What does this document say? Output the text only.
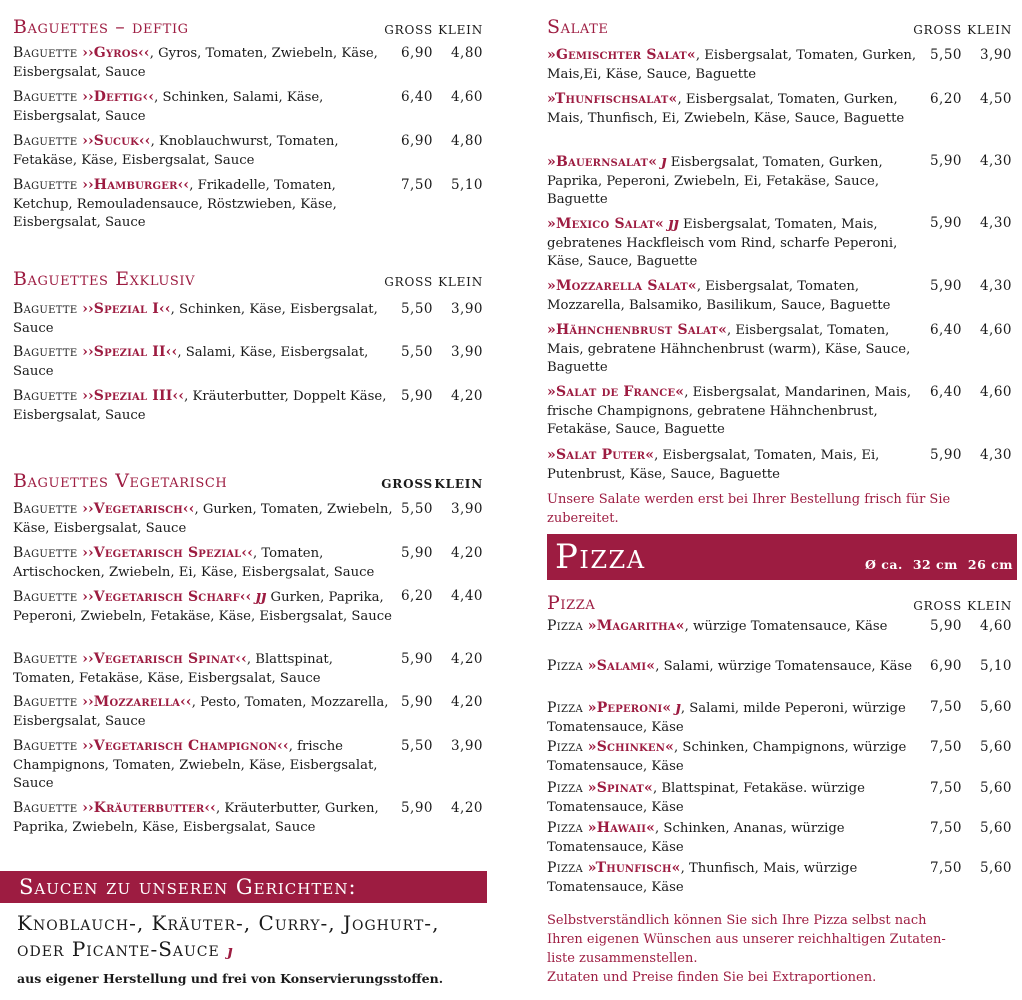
Baguettes – deftig	GROSS KLEIN
Baguette ››Gyros‹‹, Gyros, Tomaten, Zwiebeln, Käse, Eisbergsalat, Sauce
6,90	4,80
Baguette ››Deftig‹‹, Schinken, Salami, Käse, Eisbergsalat, Sauce
6,40	4,60
Baguette ››Sucuk‹‹, Knoblauchwurst, Tomaten, Fetakäse, Käse, Eisbergsalat, Sauce
6,90	4,80
Baguette ››Hamburger‹‹, Frikadelle, Tomaten, Ketchup, Remouladensauce, Röstzwieben, Käse, Eisbergsalat, Sauce
7,50	5,10
Baguettes Exklusiv	GROSS KLEIN
Baguette ››Spezial I‹‹, Schinken, Käse, Eisbergsalat, Sauce
5,50	3,90
Baguette ››Spezial II‹‹, Salami, Käse, Eisbergsalat, Sauce
5,50	3,90
Baguette ››Spezial III‹‹, Kräuterbutter, Doppelt Käse, Eisbergsalat, Sauce
5,90	4,20
Baguettes Vegetarisch	GROSSKLEIN
Baguette ››Vegetarisch‹‹, Gurken, Tomaten, Zwiebeln, Käse, Eisbergsalat, Sauce
5,50	3,90
Baguette ››Vegetarisch Spezial‹‹, Tomaten, Artischocken, Zwiebeln, Ei, Käse, Eisbergsalat, Sauce
5,90	4,20
Baguette ››Vegetarisch Scharf‹‹ ȷȷ Gurken, Paprika, Peperoni, Zwiebeln, Fetakäse, Käse, Eisbergsalat, Sauce
6,20	4,40
Baguette ››Vegetarisch Spinat‹‹, Blattspinat, Tomaten, Fetakäse, Käse, Eisbergsalat, Sauce
5,90	4,20
Baguette ››Mozzarella‹‹, Pesto, Tomaten, Mozzarella, Eisbergsalat, Sauce
5,90	4,20
Baguette ››Vegetarisch Champignon‹‹, frische Champignons, Tomaten, Zwiebeln, Käse, Eisbergsalat, Sauce
5,50	3,90
Baguette ››Kräuterbutter‹‹, Kräuterbutter, Gurken, Paprika, Zwiebeln, Käse, Eisbergsalat, Sauce
5,90	4,20
Saucen zu unseren Gerichten:
Knoblauch-, Kräuter-, Curry-, Joghurt-,
oder Picante-Sauce ȷ
aus eigener Herstellung und frei von Konservierungsstoffen.
Salate	GROSS KLEIN
»Gemischter Salat«, Eisbergsalat, Tomaten, Gurken, Mais,Ei, Käse, Sauce, Baguette
5,50	3,90
»Thunfischsalat«, Eisbergsalat, Tomaten, Gurken, Mais, Thunfisch, Ei, Zwiebeln, Käse, Sauce, Baguette
6,20	4,50
»Bauernsalat« ȷ Eisbergsalat, Tomaten, Gurken, Paprika, Peperoni, Zwiebeln, Ei, Fetakäse, Sauce, Baguette
5,90	4,30
»Mexico Salat« ȷȷ Eisbergsalat, Tomaten, Mais, gebratenes Hackfleisch vom Rind, scharfe Peperoni, Käse, Sauce, Baguette
5,90	4,30
»Mozzarella Salat«, Eisbergsalat, Tomaten, Mozzarella, Balsamiko, Basilikum, Sauce, Baguette
5,90	4,30
»Hähnchenbrust Salat«, Eisbergsalat, Tomaten, Mais, gebratene Hähnchenbrust (warm), Käse, Sauce, Baguette
6,40	4,60
»Salat de France«, Eisbergsalat, Mandarinen, Mais, frische Champignons, gebratene Hähnchenbrust, Fetakäse, Sauce, Baguette
6,40	4,60
»Salat Puter«, Eisbergsalat, Tomaten, Mais, Ei, Putenbrust, Käse, Sauce, Baguette
5,90	4,30
Unsere Salate werden erst bei Ihrer Bestellung frisch für Sie zubereitet.
Pizza	Ø ca. 32 cm 26 cm
Pizza	GROSS KLEIN
Pizza »Magaritha«, würzige Tomatensauce, Käse	5,90	4,60
Pizza »Salami«, Salami, würzige Tomatensauce, Käse	6,90	5,10
Pizza »Peperoni« ȷ, Salami, milde Peperoni, würzige Tomatensauce, Käse
7,50	5,60
Pizza »Schinken«, Schinken, Champignons, würzige Tomatensauce, Käse
7,50	5,60
Pizza »Spinat«, Blattspinat, Fetakäse. würzige Tomatensauce, Käse
7,50	5,60
Pizza »Hawaii«, Schinken, Ananas, würzige Tomatensauce, Käse
7,50	5,60
Pizza »Thunfisch«, Thunfisch, Mais, würzige Tomatensauce, Käse
7,50	5,60
Selbstverständlich können Sie sich Ihre Pizza selbst nach
Ihren eigenen Wünschen aus unserer reichhaltigen Zutaten-
liste zusammenstellen.
Zutaten und Preise finden Sie bei Extraportionen.
